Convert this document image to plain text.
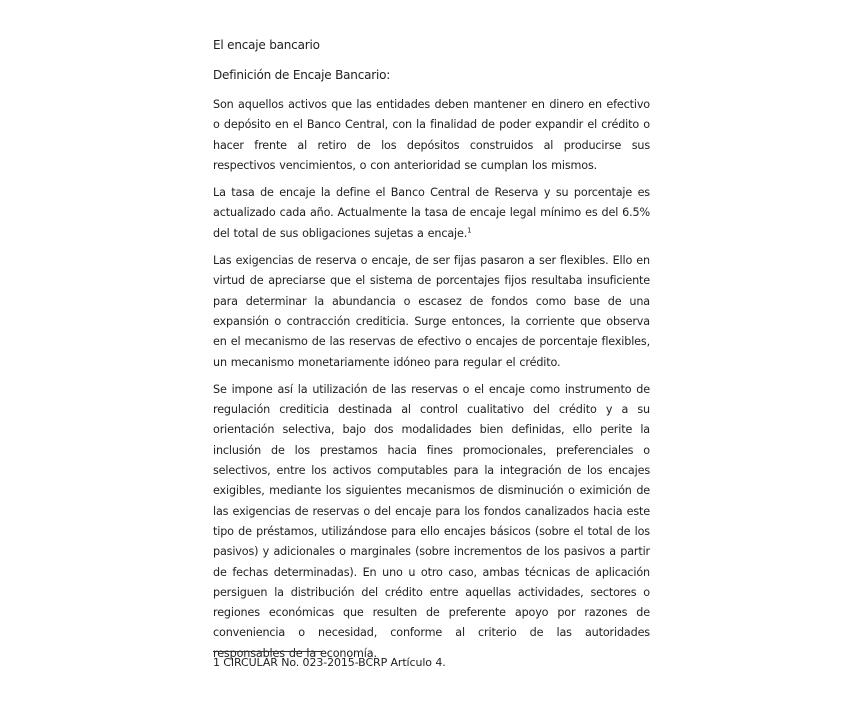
El encaje bancario
Definición de Encaje Bancario:

Son aquellos activos que las entidades deben mantener en dinero en efectivo o depósito en el Banco Central, con la finalidad de poder expandir el crédito o hacer frente al retiro de los depósitos construidos al producirse sus respectivos vencimientos, o con anterioridad se cumplan los mismos.

La tasa de encaje la define el Banco Central de Reserva y su porcentaje es actualizado cada año. Actualmente la tasa de encaje legal mínimo es del 6.5% del total de sus obligaciones sujetas a encaje.$^1$

Las exigencias de reserva o encaje, de ser fijas pasaron a ser flexibles. Ello en virtud de apreciarse que el sistema de porcentajes fijos resultaba insuficiente para determinar la abundancia o escasez de fondos como base de una expansión o contracción crediticia. Surge entonces, la corriente que observa en el mecanismo de las reservas de efectivo o encajes de porcentaje flexibles, un mecanismo monetariamente idóneo para regular el crédito.

Se impone así la utilización de las reservas o el encaje como instrumento de regulación crediticia destinada al control cualitativo del crédito y a su orientación selectiva, bajo dos modalidades bien definidas, ello perite la inclusión de los prestamos hacia fines promocionales, preferenciales o selectivos, entre los activos computables para la integración de los encajes exigibles, mediante los siguientes mecanismos de disminución o eximición de las exigencias de reservas o del encaje para los fondos canalizados hacia este tipo de préstamos, utilizándose para ello encajes básicos (sobre el total de los pasivos) y adicionales o marginales (sobre incrementos de los pasivos a partir de fechas determinadas). En uno u otro caso, ambas técnicas de aplicación persiguen la distribución del crédito entre aquellas actividades, sectores o regiones económicas que resulten de preferente apoyo por razones de conveniencia o necesidad, conforme al criterio de las autoridades responsables de la economía.

1 CIRCULAR No. 023-2015-BCRP Artículo 4.
